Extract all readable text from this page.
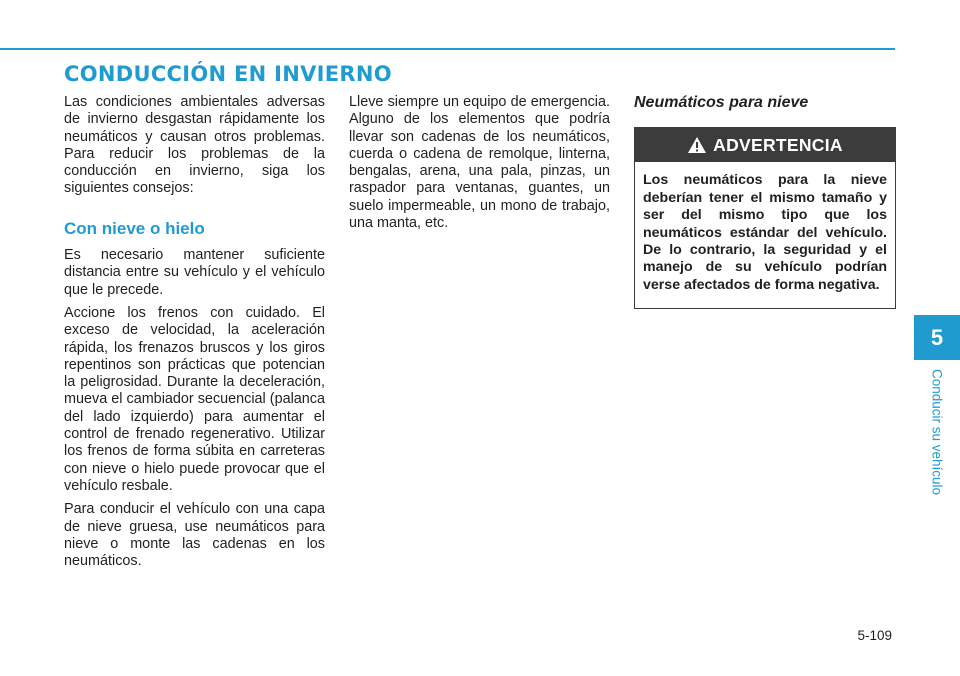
CONDUCCIÓN EN INVIERNO

Las condiciones ambientales adversas de invierno desgastan rápidamente los neumáticos y causan otros problemas. Para reducir los problemas de la conducción en invierno, siga los siguientes consejos:

Con nieve o hielo

Es necesario mantener suficiente distancia entre su vehículo y el vehículo que le precede.

Accione los frenos con cuidado. El exceso de velocidad, la aceleración rápida, los frenazos bruscos y los giros repentinos son prácticas que potencian la peligrosidad. Durante la deceleración, mueva el cambiador secuencial (palanca del lado izquierdo) para aumentar el control de frenado regenerativo. Utilizar los frenos de forma súbita en carreteras con nieve o hielo puede provocar que el vehículo resbale.

Para conducir el vehículo con una capa de nieve gruesa, use neumáticos para nieve o monte las cadenas en los neumáticos.

Lleve siempre un equipo de emergencia. Alguno de los elementos que podría llevar son cadenas de los neumáticos, cuerda o cadena de remolque, linterna, bengalas, arena, una pala, pinzas, un raspador para ventanas, guantes, un suelo impermeable, un mono de trabajo, una manta, etc.

Neumáticos para nieve
ADVERTENCIA
Los neumáticos para la nieve deberían tener el mismo tamaño y ser del mismo tipo que los neumáticos estándar del vehículo. De lo contrario, la seguridad y el manejo de su vehículo podrían verse afectados de forma negativa.
5
Conducir su vehículo
5-109
